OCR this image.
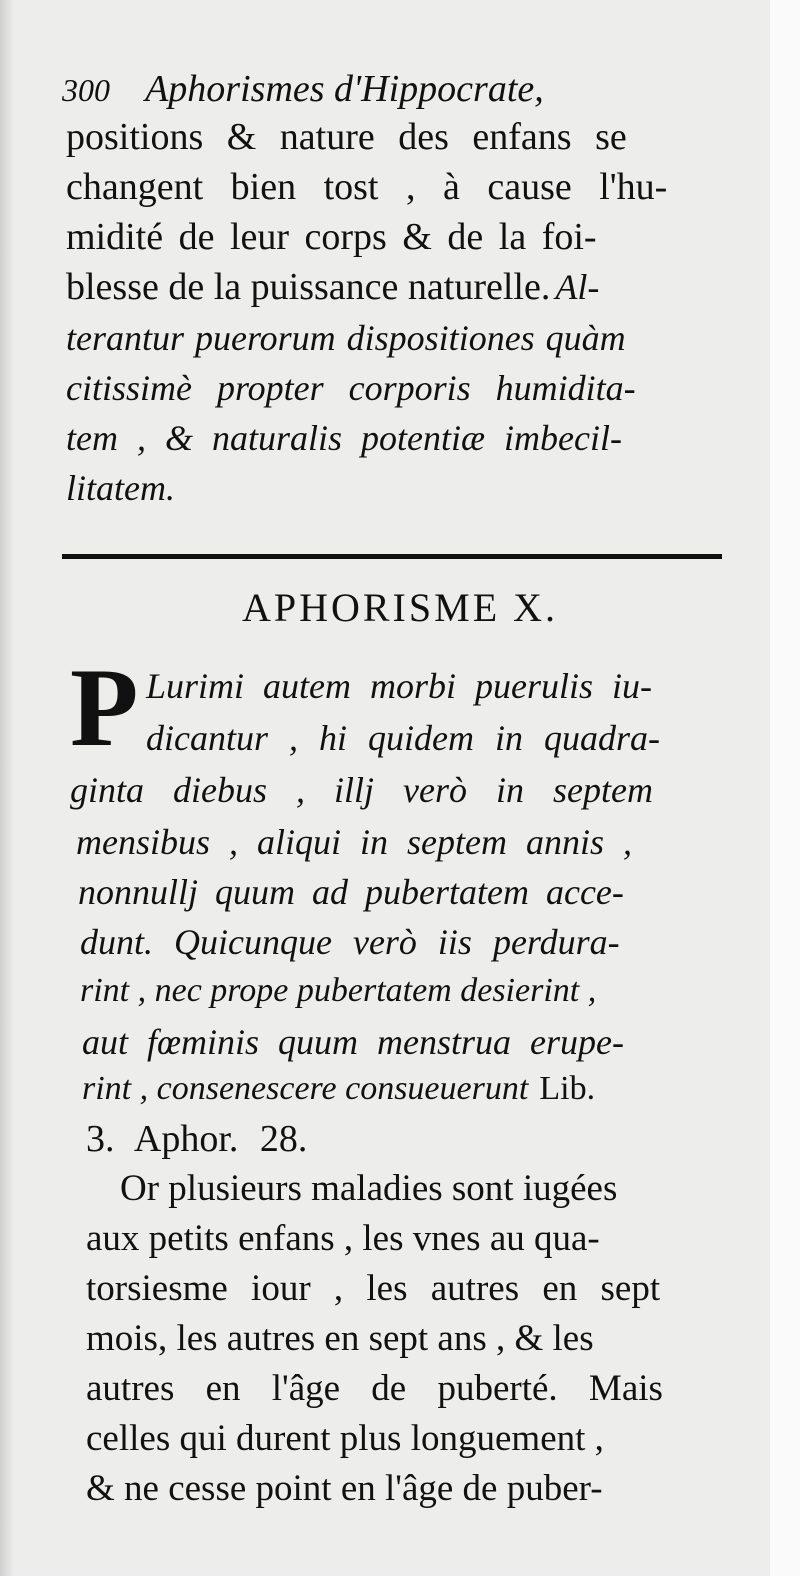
300 Aphorismes d'Hippocrate,
positions & nature des enfans se
changent bien tost , à cause l'hu-
midité de leur corps & de la foi-
blesse de la puissance naturelle. Al-
terantur puerorum dispositiones quàm
citissimè propter corporis humidita-
tem , & naturalis potentiæ imbecil-
litatem.
APHORISME X.
P Lurimi autem morbi puerulis iu-
dicantur , hi quidem in quadra-
ginta diebus , illj verò in septem
mensibus , aliqui in septem annis ,
nonnullj quum ad pubertatem acce-
dunt. Quicunque verò iis perdura-
rint , nec prope pubertatem desierint ,
aut fœminis quum menstrua erupe-
rint , consenescere consueuerunt Lib.
3. Aphor. 28.
Or plusieurs maladies sont iugées
aux petits enfans , les vnes au qua-
torsiesme iour , les autres en sept
mois, les autres en sept ans , & les
autres en l'âge de puberté. Mais
celles qui durent plus longuement ,
& ne cesse point en l'âge de puber-
